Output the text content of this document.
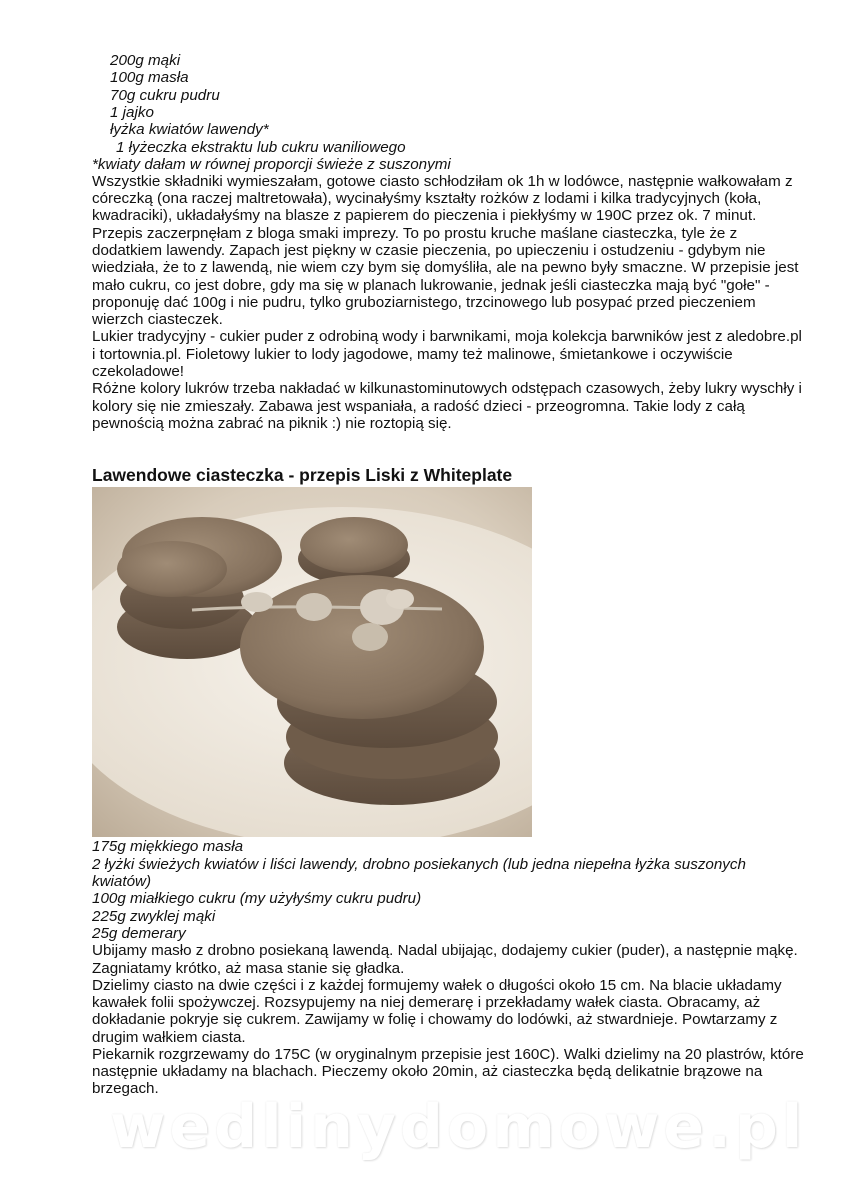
200g mąki

100g masła

70g cukru pudru

1 jajko

łyżka kwiatów lawendy*

1 łyżeczka ekstraktu lub cukru waniliowego

*kwiaty dałam w równej proporcji świeże z suszonymi

Wszystkie składniki wymieszałam, gotowe ciasto schłodziłam ok 1h w lodówce, następnie wałkowałam z

córeczką (ona raczej maltretowała), wycinałyśmy kształty rożków z lodami i kilka tradycyjnych (koła,

kwadraciki), układałyśmy na blasze z papierem do pieczenia i piekłyśmy w 190C przez ok. 7 minut.

Przepis zaczerpnęłam z bloga smaki imprezy. To po prostu kruche maślane ciasteczka, tyle że z

dodatkiem lawendy. Zapach jest piękny w czasie pieczenia, po upieczeniu i ostudzeniu - gdybym nie

wiedziała, że to z lawendą, nie wiem czy bym się domyśliła, ale na pewno były smaczne. W przepisie jest

mało cukru, co jest dobre, gdy ma się w planach lukrowanie, jednak jeśli ciasteczka mają być "gołe" -

proponuję dać 100g i nie pudru, tylko gruboziarnistego, trzcinowego lub posypać przed pieczeniem

wierzch ciasteczek.

Lukier tradycyjny - cukier puder z odrobiną wody i barwnikami, moja kolekcja barwników jest z aledobre.pl

i tortownia.pl. Fioletowy lukier to lody jagodowe, mamy też malinowe, śmietankowe i oczywiście

czekoladowe!

Różne kolory lukrów trzeba nakładać w kilkunastominutowych odstępach czasowych, żeby lukry wyschły i

kolory się nie zmieszały. Zabawa jest wspaniała, a radość dzieci - przeogromna. Takie lody z całą

pewnością można zabrać na piknik :) nie roztopią się.

Lawendowe ciasteczka - przepis Liski z Whiteplate

175g miękkiego masła

2 łyżki świeżych kwiatów i liści lawendy, drobno posiekanych (lub jedna niepełna łyżka suszonych

kwiatów)

100g miałkiego cukru (my użyłyśmy cukru pudru)

225g zwyklej mąki

25g demerary

Ubijamy masło z drobno posiekaną lawendą. Nadal ubijając, dodajemy cukier (puder), a następnie mąkę.

Zagniatamy krótko, aż masa stanie się gładka.

Dzielimy ciasto na dwie części i z każdej formujemy wałek o długości około 15 cm. Na blacie układamy

kawałek folii spożywczej. Rozsypujemy na niej demerarę i przekładamy wałek ciasta. Obracamy, aż

dokładanie pokryje się cukrem. Zawijamy w folię i chowamy do lodówki, aż stwardnieje. Powtarzamy z

drugim wałkiem ciasta.

Piekarnik rozgrzewamy do 175C (w oryginalnym przepisie jest 160C). Walki dzielimy na 20 plastrów, które

następnie układamy na blachach. Pieczemy około 20min, aż ciasteczka będą delikatnie brązowe na

brzegach.

wedlinydomowe.pl
